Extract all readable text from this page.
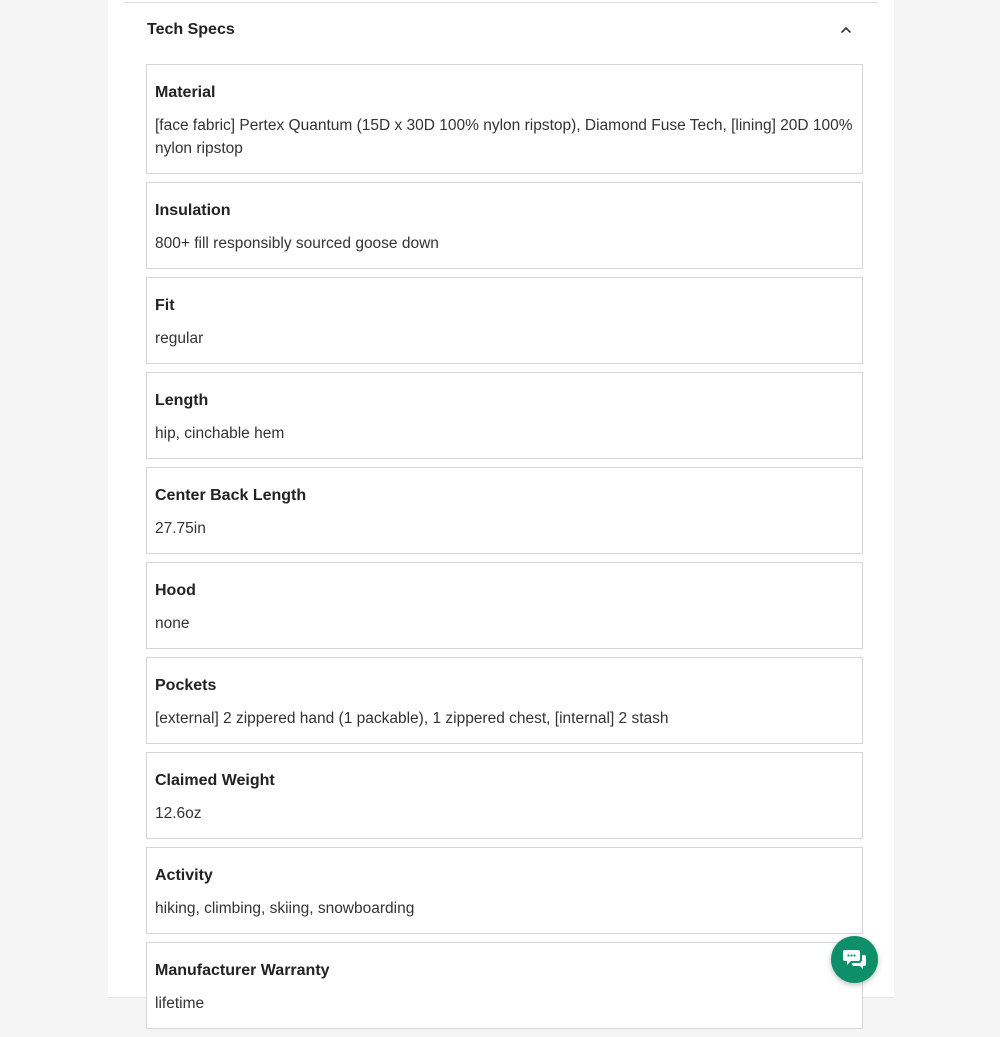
Tech Specs
Material
[face fabric] Pertex Quantum (15D x 30D 100% nylon ripstop), Diamond Fuse Tech, [lining] 20D 100% nylon ripstop
Insulation
800+ fill responsibly sourced goose down
Fit
regular
Length
hip, cinchable hem
Center Back Length
27.75in
Hood
none
Pockets
[external] 2 zippered hand (1 packable), 1 zippered chest, [internal] 2 stash
Claimed Weight
12.6oz
Activity
hiking, climbing, skiing, snowboarding
Manufacturer Warranty
lifetime
